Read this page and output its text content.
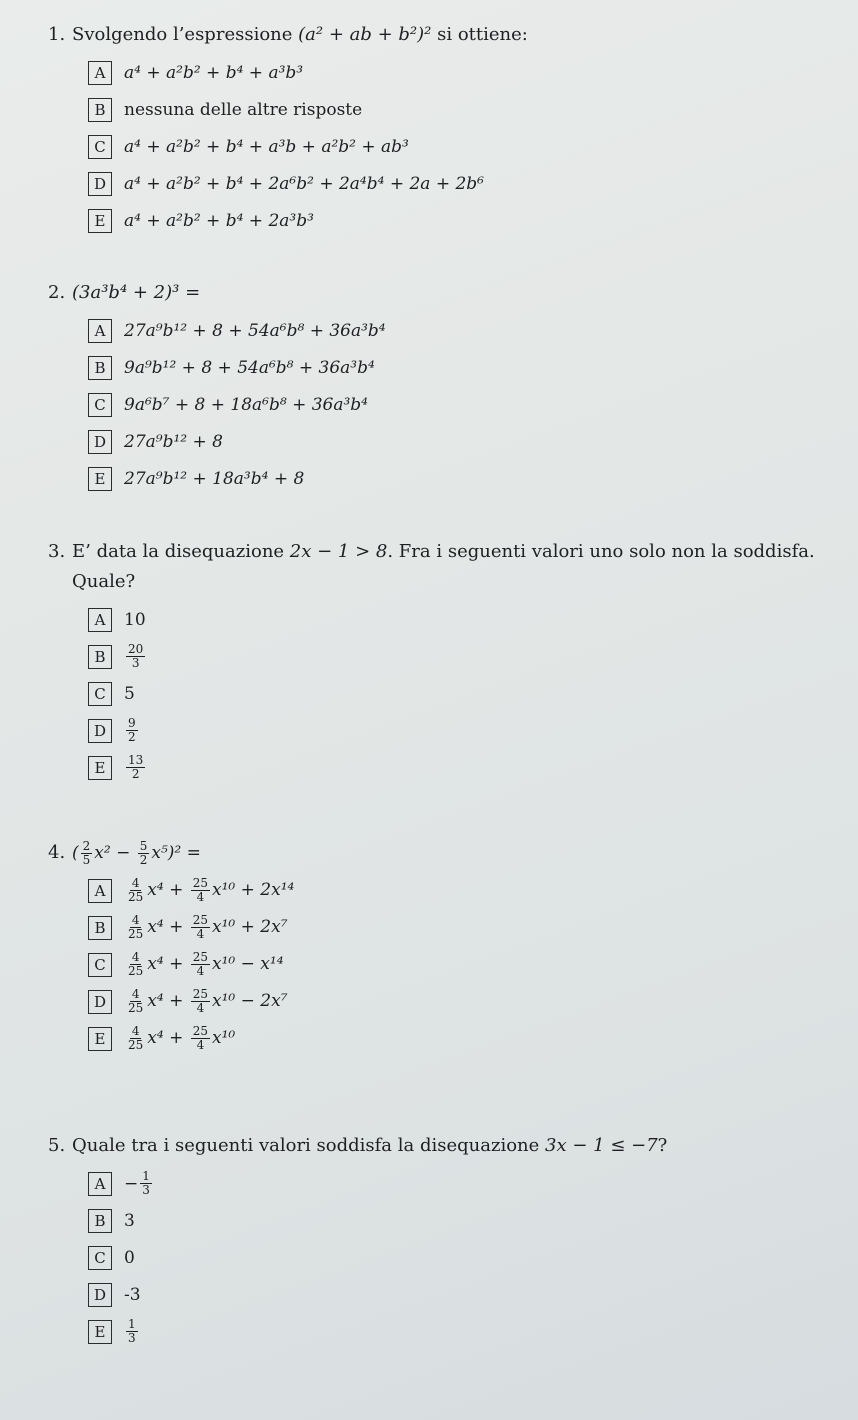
1. Svolgendo l’espressione (a² + ab + b²)² si ottiene:
A	a⁴ + a²b² + b⁴ + a³b³
B	nessuna delle altre risposte
C	a⁴ + a²b² + b⁴ + a³b + a²b² + ab³
D	a⁴ + a²b² + b⁴ + 2a⁶b² + 2a⁴b⁴ + 2a + 2b⁶
E	a⁴ + a²b² + b⁴ + 2a³b³
2. (3a³b⁴ + 2)³ =
A	27a⁹b¹² + 8 + 54a⁶b⁸ + 36a³b⁴
B	9a⁹b¹² + 8 + 54a⁶b⁸ + 36a³b⁴
C	9a⁶b⁷ + 8 + 18a⁶b⁸ + 36a³b⁴
D	27a⁹b¹² + 8
E	27a⁹b¹² + 18a³b⁴ + 8
3. E’ data la disequazione 2x − 1 > 8. Fra i seguenti valori uno solo non la soddisfa.
Quale?
A	10
B	$\frac{20}{3}$
C	5
D	$\frac{9}{2}$
E	$\frac{13}{2}$
4. ( $\frac{2}{5} x^2 - \frac{5}{2} x^5)^2$ =
A	$\frac{4}{25} x^4 + \frac{25}{4} x^{10} + 2x^{14}$
B	$\frac{4}{25} x^4 + \frac{25}{4} x^{10} + 2x^7$
C	$\frac{4}{25} x^4 + \frac{25}{4} x^{10} - x^{14}$
D	$\frac{4}{25} x^4 + \frac{25}{4} x^{10} - 2x^7$
E	$\frac{4}{25} x^4 + \frac{25}{4} x^{10}$
5. Quale tra i seguenti valori soddisfa la disequazione 3x − 1 ≤ −7?
A	− $\frac{1}{3}$
B	3
C	0
D	-3
E	$\frac{1}{3}$
